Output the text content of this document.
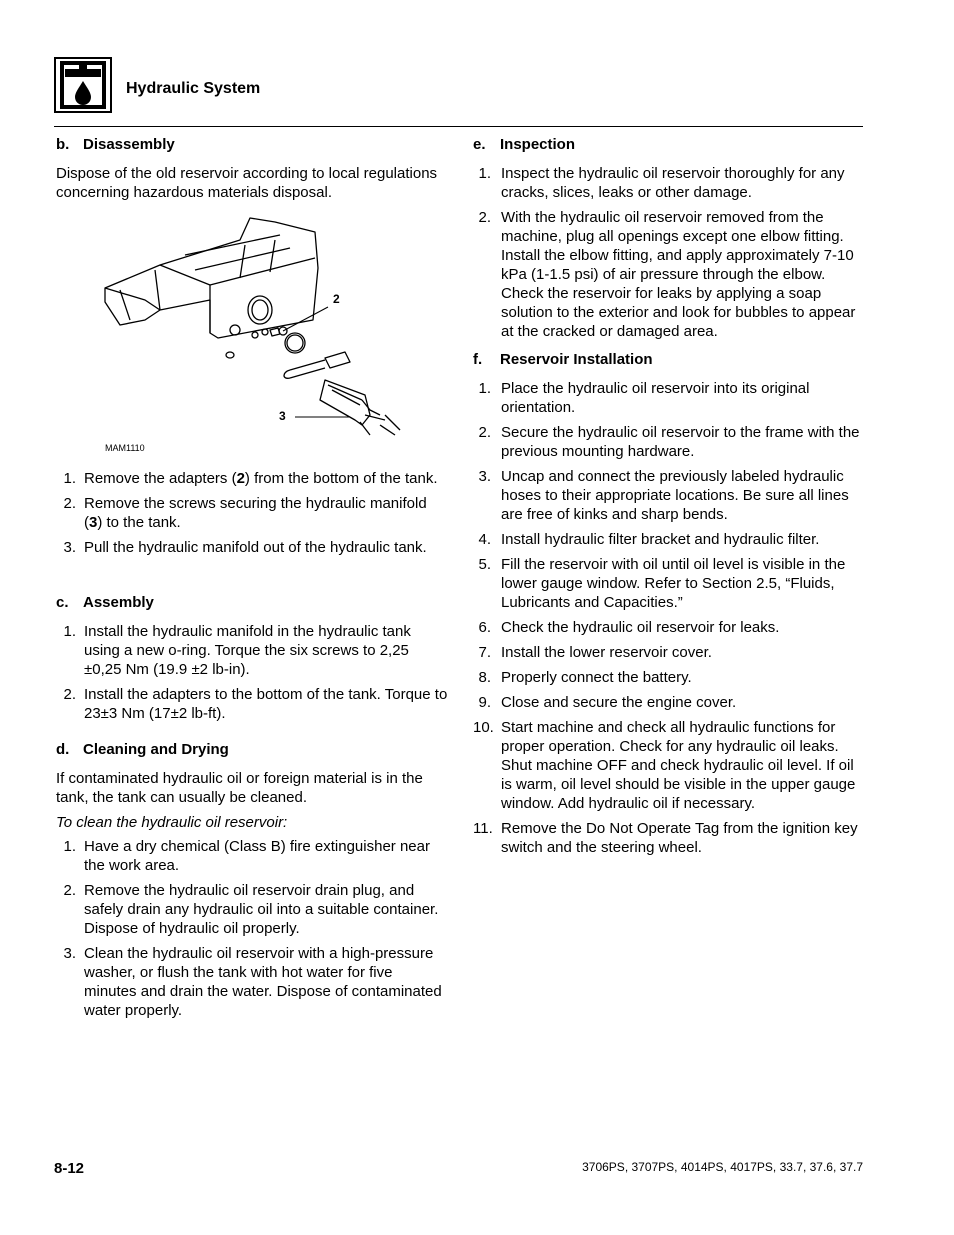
Hydraulic System
b. Disassembly

Dispose of the old reservoir according to local regulations concerning hazardous materials disposal.

2
3
MAM1110
1. Remove the adapters (2) from the bottom of the tank.
2. Remove the screws securing the hydraulic manifold (3) to the tank.
3. Pull the hydraulic manifold out of the hydraulic tank.
c. Assembly
1. Install the hydraulic manifold in the hydraulic tank using a new o-ring. Torque the six screws to 2,25 ±0,25 Nm (19.9 ±2 lb-in).
2. Install the adapters to the bottom of the tank. Torque to 23±3 Nm (17±2 lb-ft).
d. Cleaning and Drying

If contaminated hydraulic oil or foreign material is in the tank, the tank can usually be cleaned.

To clean the hydraulic oil reservoir:

1. Have a dry chemical (Class B) fire extinguisher near the work area.
2. Remove the hydraulic oil reservoir drain plug, and safely drain any hydraulic oil into a suitable container. Dispose of hydraulic oil properly.
3. Clean the hydraulic oil reservoir with a high-pressure washer, or flush the tank with hot water for five minutes and drain the water. Dispose of contaminated water properly.
e. Inspection
1. Inspect the hydraulic oil reservoir thoroughly for any cracks, slices, leaks or other damage.
2. With the hydraulic oil reservoir removed from the machine, plug all openings except one elbow fitting. Install the elbow fitting, and apply approximately 7-10 kPa (1-1.5 psi) of air pressure through the elbow. Check the reservoir for leaks by applying a soap solution to the exterior and look for bubbles to appear at the cracked or damaged area.
f. Reservoir Installation
1. Place the hydraulic oil reservoir into its original orientation.
2. Secure the hydraulic oil reservoir to the frame with the previous mounting hardware.
3. Uncap and connect the previously labeled hydraulic hoses to their appropriate locations. Be sure all lines are free of kinks and sharp bends.
4. Install hydraulic filter bracket and hydraulic filter.
5. Fill the reservoir with oil until oil level is visible in the lower gauge window. Refer to Section 2.5, “Fluids, Lubricants and Capacities.”
6. Check the hydraulic oil reservoir for leaks.
7. Install the lower reservoir cover.
8. Properly connect the battery.
9. Close and secure the engine cover.
10. Start machine and check all hydraulic functions for proper operation. Check for any hydraulic oil leaks. Shut machine OFF and check hydraulic oil level. If oil is warm, oil level should be visible in the upper gauge window. Add hydraulic oil if necessary.
11. Remove the Do Not Operate Tag from the ignition key switch and the steering wheel.
8-12	3706PS, 3707PS, 4014PS, 4017PS, 33.7, 37.6, 37.7
